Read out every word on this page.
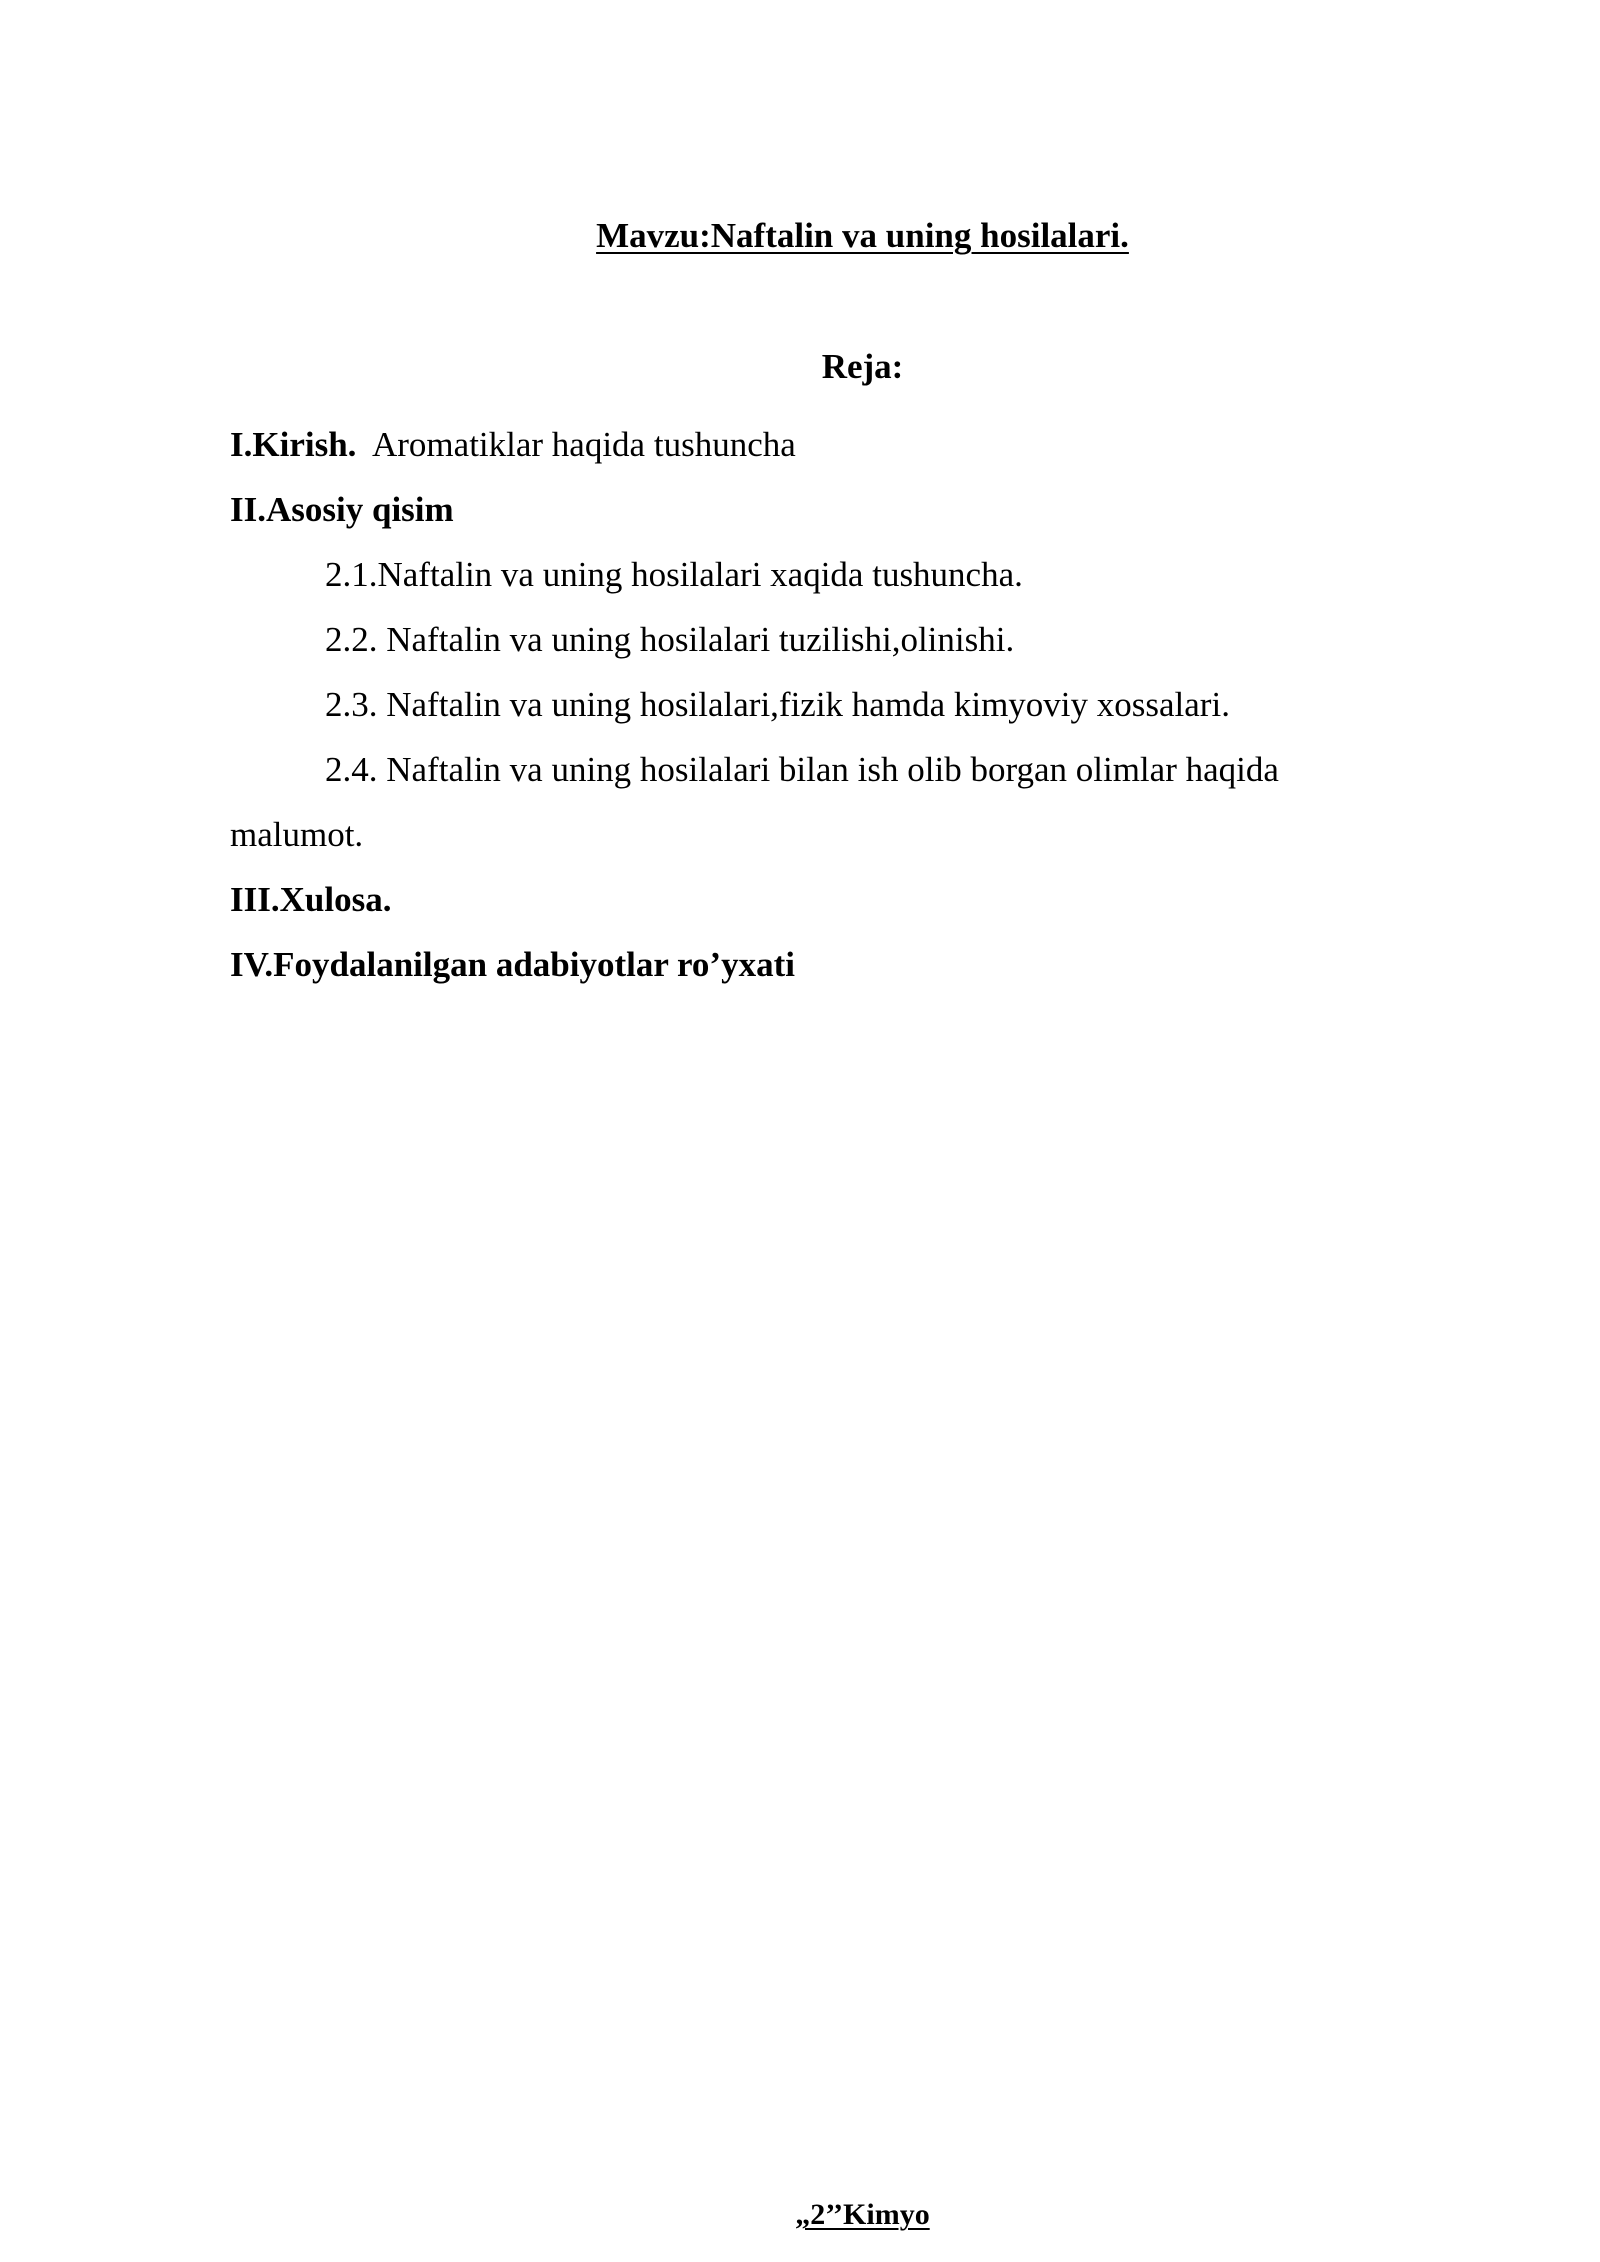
Mavzu:Naftalin va uning hosilalari.

Reja:

I.Kirish. Aromatiklar haqida tushuncha

II.Asosiy qisim

2.1.Naftalin va uning hosilalari xaqida tushuncha.

2.2. Naftalin va uning hosilalari tuzilishi,olinishi.

2.3. Naftalin va uning hosilalari,fizik hamda kimyoviy xossalari.

2.4. Naftalin va uning hosilalari bilan ish olib borgan olimlar haqida malumot.

III.Xulosa.

IV.Foydalanilgan adabiyotlar ro’yxati

„2’’Kimyo
